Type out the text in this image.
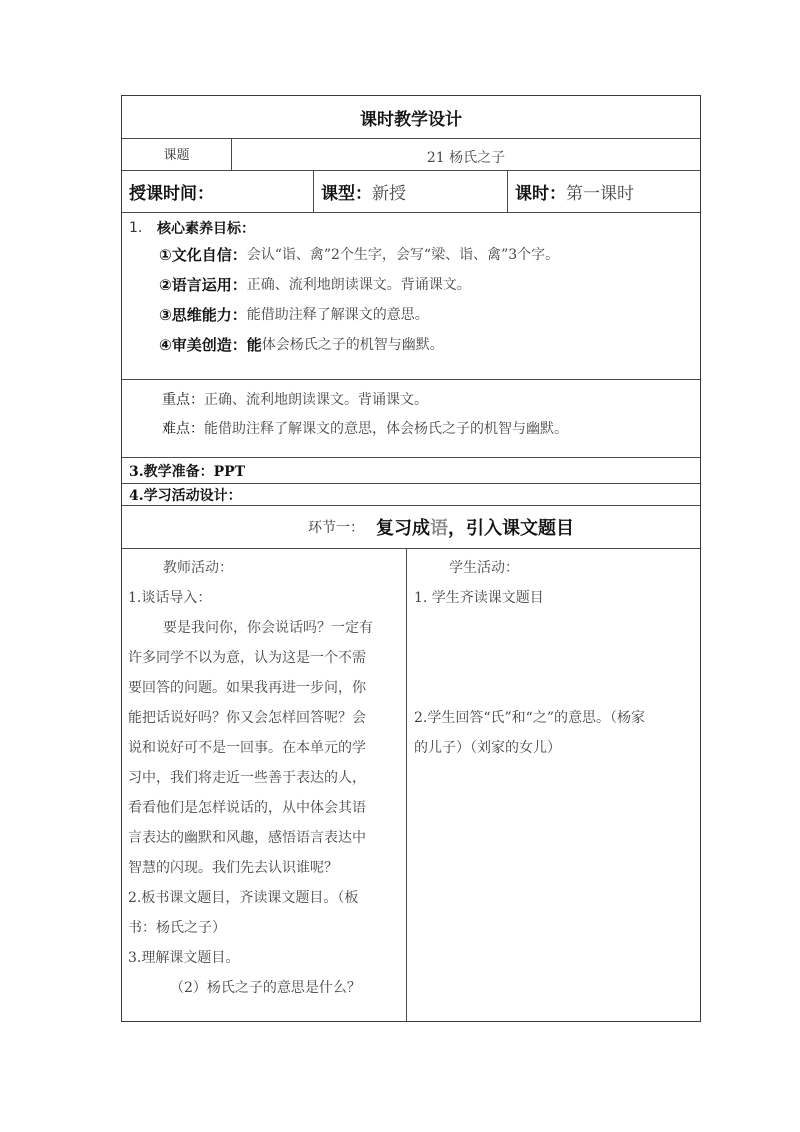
课时教学设计
课题	21 杨氏之子
授课时间：	课型： 新授	课时： 第一课时
1.	核心素养目标：
①文化自信： 会认“诣、禽”2个生字，会写“梁、诣、禽”3个字。
②语言运用： 正确、流利地朗读课文。背诵课文。
③思维能力： 能借助注释了解课文的意思。
④审美创造： 能 体会杨氏之子的机智与幽默。
重点： 正确、流利地朗读课文。背诵课文。
难点： 能借助注释了解课文的意思，体会杨氏之子的机智与幽默。
3.教学准备：PPT
4.学习活动设计：
环节一： 复习成语，引入课文题目
教师活动：
1.谈话导入：
要是我问你，你会说话吗？一定有
许多同学不以为意，认为这是一个不需
要回答的问题。如果我再进一步问，你
能把话说好吗？你又会怎样回答呢？会
说和说好可不是一回事。在本单元的学
习中，我们将走近一些善于表达的人，
看看他们是怎样说话的，从中体会其语
言表达的幽默和风趣，感悟语言表达中
智慧的闪现。我们先去认识谁呢？
2.板书课文题目，齐读课文题目。（板
书：杨氏之子）
3.理解课文题目。
（2）杨氏之子的意思是什么？
学生活动：
1. 学生齐读课文题目
2.学生回答“氏”和“之”的意思。（杨家
的儿子）（刘家的女儿）
